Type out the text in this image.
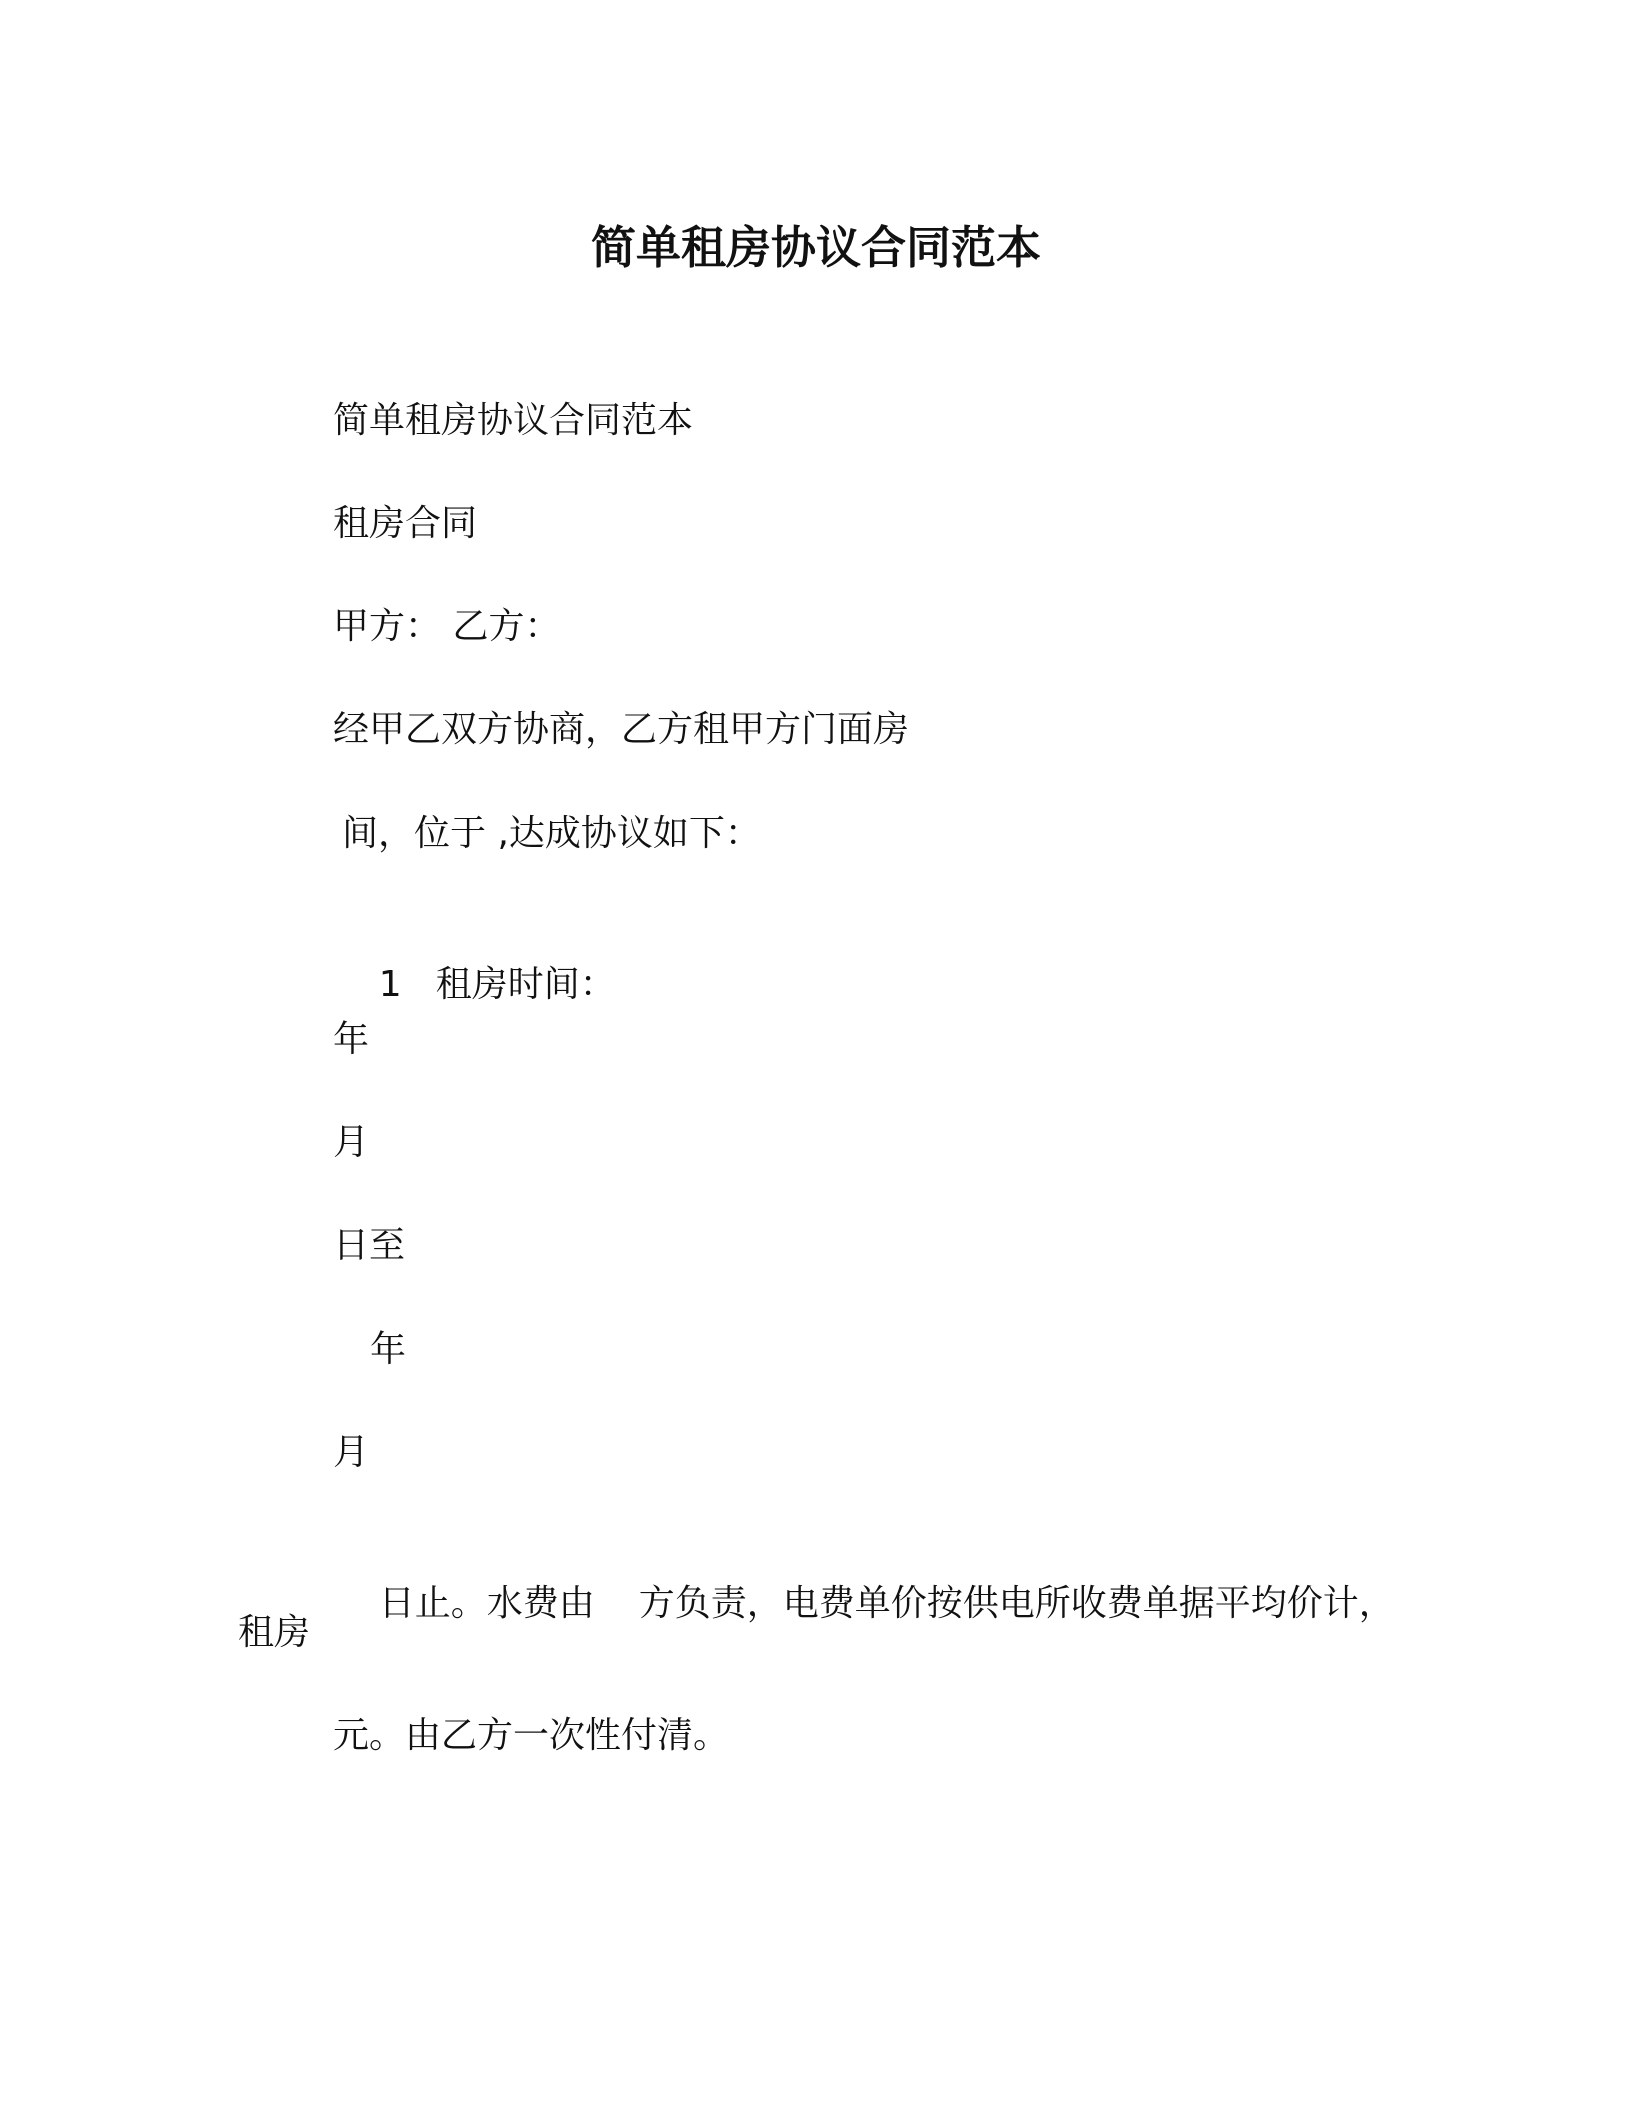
简单租房协议合同范本
简单租房协议合同范本
租房合同
甲方： 乙方：
经甲乙双方协商，乙方租甲方门面房
间，位于 ,达成协议如下：

1 租房时间：

年
月
日至
年
月

日止。水费由 方负责，电费单价按供电所收费单据平均价计，

租房
元。由乙方一次性付清。
